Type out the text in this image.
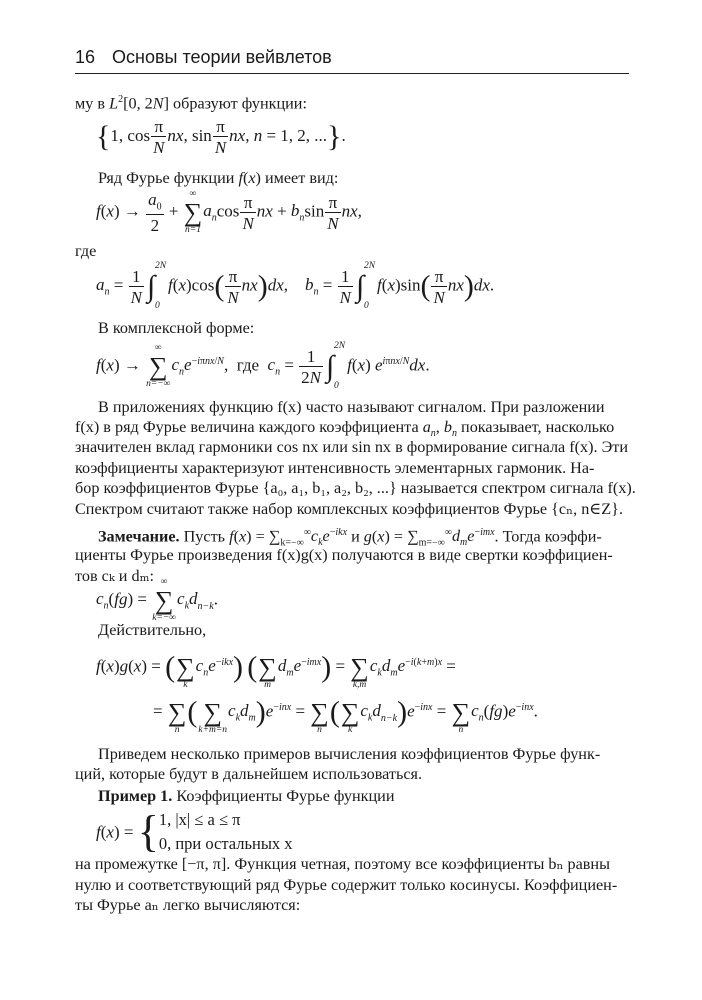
16 Основы теории вейвлетов
му в $L^2[0$, 2N] образуют функции:
{1, $\cos \frac{\pi}{N}$ nx, $\sin \frac{\pi}{N}$ nx, n = 1, 2, ...}.
Ряд Фурье функции f(x) имеет вид:
$f(x) \to \frac{a_0}{2}$ +
∞
∑
n=1
$a_n\cos \frac{\pi}{N}$ nx + $b_n\sin \frac{\pi}{N}$ nx,
где
$a_n = \frac{1}{N}$
2N
∫
0
$f(x)\cos( \frac{\pi}{N} nx)dx$,    $b_n = \frac{1}{N}$
2N
∫
0
$f(x)\sin( \frac{\pi}{N} nx)dx$.
В комплексной форме:
f(x) →
∞
∑
n=−∞
$c_ne^{-i\pi nx/N}$,  где  $c_n = \frac{1}{2N}$
2N
∫
0
f(x) $e^{i\pi nx/N}dx$.
В приложениях функцию f(x) часто называют сигналом. При разложении
f(x) в ряд Фурье величина каждого коэффициента $a_n$, $b_n$ показывает, насколько
значителен вклад гармоники cos nx или sin nx в формирование сигнала f(x). Эти
коэффициенты характеризуют интенсивность элементарных гармоник. На-
бор коэффициентов Фурье {a₀, a₁, b₁, a₂, b₂, ...} называется спектром сигнала f(x).
Спектром считают также набор комплексных коэффициентов Фурье {cₙ, n∈Z}.
Замечание. Пусть $f(x) = \sum_{k=-\infty}^\infty c_ke^{-ikx}$ и $g(x) = \sum_{m=-\infty}^\infty d_me^{-imx}$. Тогда коэффи-
циенты Фурье произведения f(x)g(x) получаются в виде свертки коэффициен-
тов cₖ и dₘ:
$c_n(fg)$ =
∞
∑
k=−∞
$c_kd_{n-k}$.
Действительно,
f(x)g(x) = (
∑
k
$c_ne^{-ikx}$) (
∑
m
$d_me^{-imx}$) =
∑
k,m
$c_kd_me^{-i(k+m)x}$ =
=
∑
n
(
∑
k+m=n
$c_kd_m)e^{-inx}$ =
∑
n
(
∑
k
$c_kd_{n-k})e^{-inx}$ =
∑
n
$c_n(fg)e^{-inx}$.
Приведем несколько примеров вычисления коэффициентов Фурье функ-
ций, которые будут в дальнейшем использоваться.
Пример 1. Коэффициенты Фурье функции
f(x) = { 1, |x| ≤ a ≤ π
0, при остальных x
на промежутке [−π, π]. Функция четная, поэтому все коэффициенты bₙ равны
нулю и соответствующий ряд Фурье содержит только косинусы. Коэффициен-
ты Фурье aₙ легко вычисляются:
